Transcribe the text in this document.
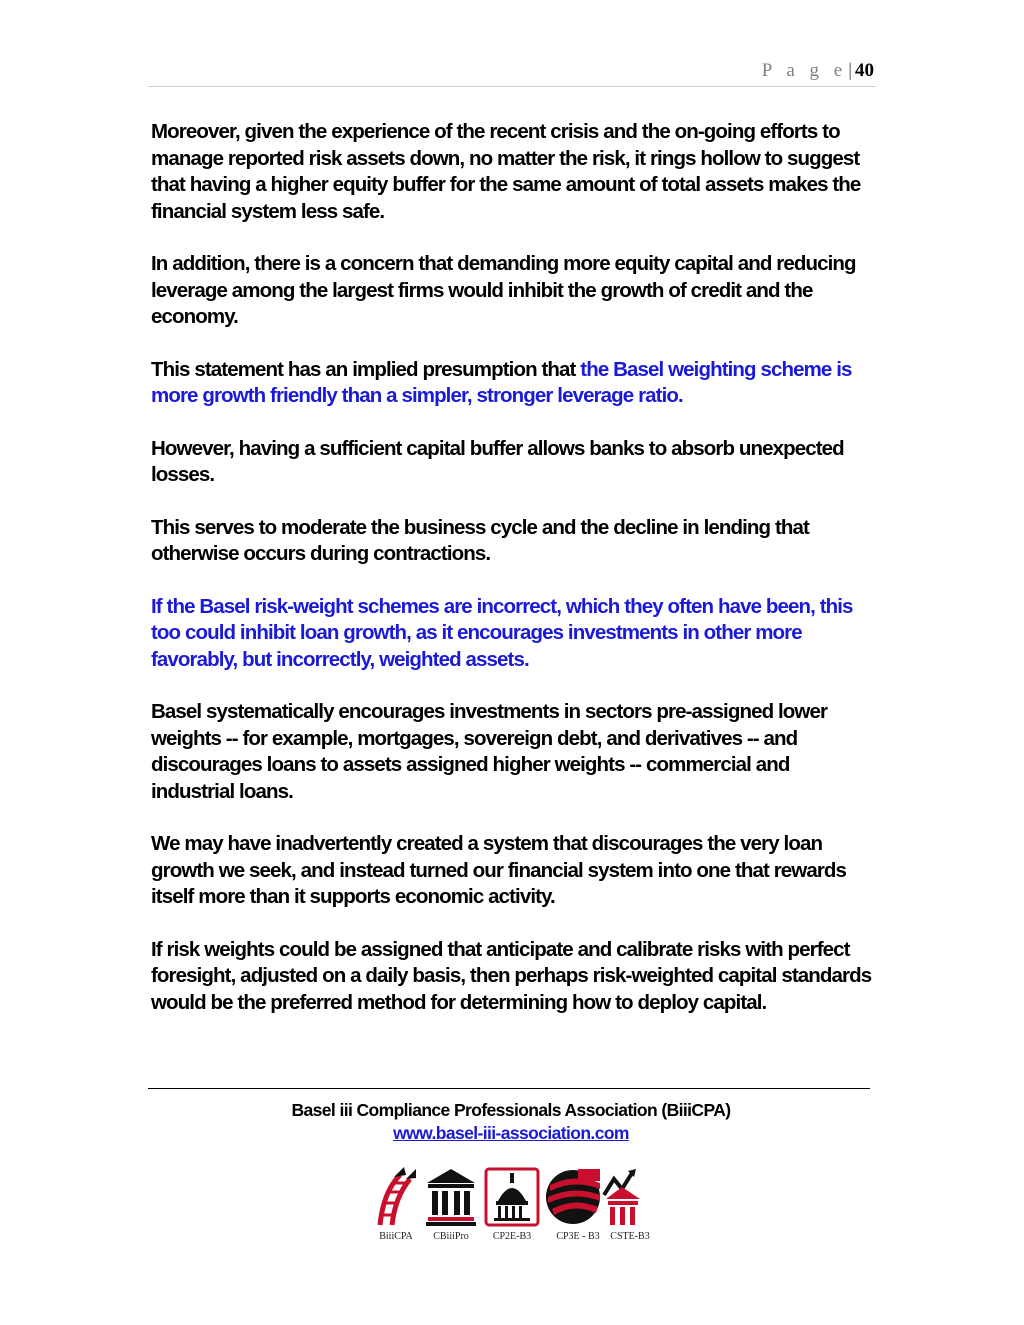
P a g e| 40

Moreover, given the experience of the recent crisis and the on-going efforts to manage reported risk assets down, no matter the risk, it rings hollow to suggest that having a higher equity buffer for the same amount of total assets makes the financial system less safe.

In addition, there is a concern that demanding more equity capital and reducing leverage among the largest firms would inhibit the growth of credit and the economy.

This statement has an implied presumption that the Basel weighting scheme is more growth friendly than a simpler, stronger leverage ratio.

However, having a sufficient capital buffer allows banks to absorb unexpected losses.

This serves to moderate the business cycle and the decline in lending that otherwise occurs during contractions.

If the Basel risk-weight schemes are incorrect, which they often have been, this too could inhibit loan growth, as it encourages investments in other more favorably, but incorrectly, weighted assets.

Basel systematically encourages investments in sectors pre-assigned lower weights -- for example, mortgages, sovereign debt, and derivatives -- and discourages loans to assets assigned higher weights -- commercial and industrial loans.

We may have inadvertently created a system that discourages the very loan growth we seek, and instead turned our financial system into one that rewards itself more than it supports economic activity.

If risk weights could be assigned that anticipate and calibrate risks with perfect foresight, adjusted on a daily basis, then perhaps risk-weighted capital standards would be the preferred method for determining how to deploy capital.

Basel iii Compliance Professionals Association (BiiiCPA)
www.basel-iii-association.com
BiiiCPA CBiiiPro CP2E-B3	CP3E - B3 CSTE-B3
